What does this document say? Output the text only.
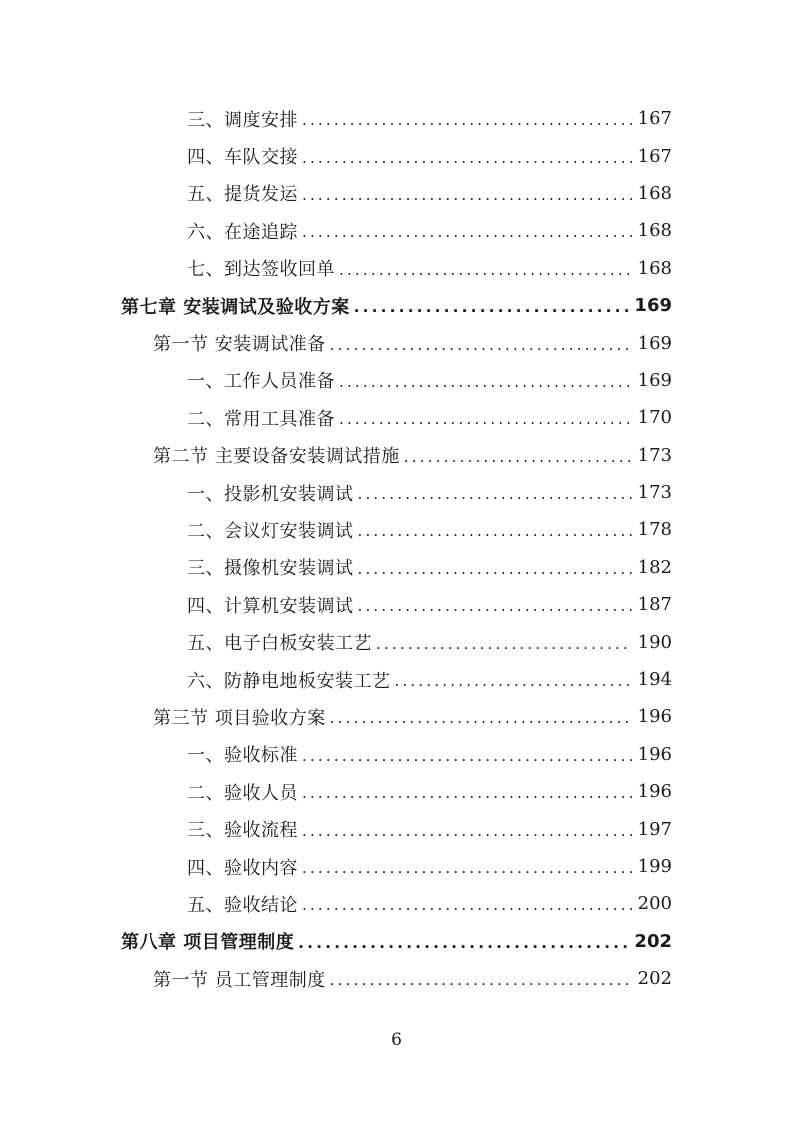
三、调度安排 .....	167
四、车队交接 .....	167
五、提货发运 .....	168
六、在途追踪 .....	168
七、到达签收回单 .....	168
第七章 安装调试及验收方案 .....	169
第一节 安装调试准备 .....	169
一、工作人员准备 .....	169
二、常用工具准备 .....	170
第二节 主要设备安装调试措施 .....	173
一、投影机安装调试 .....	173
二、会议灯安装调试 .....	178
三、摄像机安装调试 .....	182
四、计算机安装调试 .....	187
五、电子白板安装工艺 .....	190
六、防静电地板安装工艺 .....	194
第三节 项目验收方案 .....	196
一、验收标准 .....	196
二、验收人员 .....	196
三、验收流程 .....	197
四、验收内容 .....	199
五、验收结论 .....	200
第八章 项目管理制度 .....	202
第一节 员工管理制度 .....	202
6
